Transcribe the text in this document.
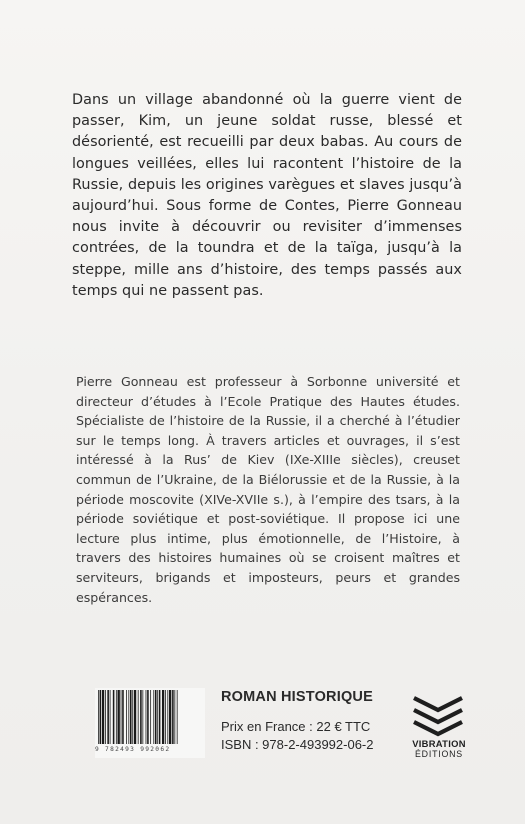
Dans un village abandonné où la guerre vient de passer, Kim, un jeune soldat russe, blessé et désorienté, est recueilli par deux babas. Au cours de longues veillées, elles lui racontent l’histoire de la Russie, depuis les origines varègues et slaves jusqu’à aujourd’hui. Sous forme de Contes, Pierre Gonneau nous invite à découvrir ou revisiter d’immenses contrées, de la toundra et de la taïga, jusqu’à la steppe, mille ans d’histoire, des temps passés aux temps qui ne passent pas.

Pierre Gonneau est professeur à Sorbonne université et directeur d’études à l’Ecole Pratique des Hautes études. Spécialiste de l’histoire de la Russie, il a cherché à l’étudier sur le temps long. À travers articles et ouvrages, il s’est intéressé à la Rus’ de Kiev (IXe-XIIIe siècles), creuset commun de l’Ukraine, de la Biélorussie et de la Russie, à la période moscovite (XIVe-XVIIe s.), à l’empire des tsars, à la période soviétique et post-soviétique. Il propose ici une lecture plus intime, plus émotionnelle, de l’Histoire, à travers des histoires humaines où se croisent maîtres et serviteurs, brigands et imposteurs, peurs et grandes espérances.

9 782493 992062
ROMAN HISTORIQUE
Prix en France : 22 € TTC
ISBN : 978-2-493992-06-2	VIBRATION
ÉDITIONS
